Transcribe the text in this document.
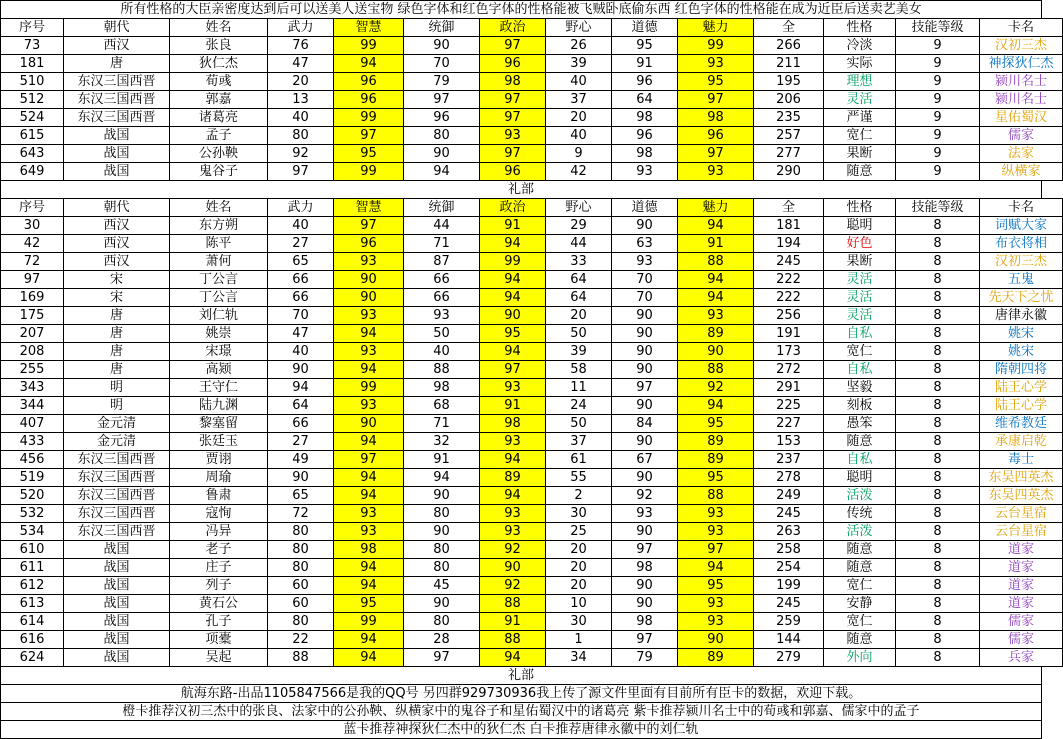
所有性格的大臣亲密度达到后可以送美人送宝物 绿色字体和红色字体的性格能被飞贼卧底偷东西 红色字体的性格能在成为近臣后送卖艺美女
序号	朝代	姓名	武力	智慧	统御	政治	野心	道德	魅力	全	性格	技能等级	卡名
73	西汉	张良	76	99	90	97	26	95	99	266	冷淡	9	汉初三杰
181	唐	狄仁杰	47	94	70	96	39	91	93	211	实际	9	神探狄仁杰
510	东汉三国西晋	荀彧	20	96	79	98	40	96	95	195	理想	9	颍川名士
512	东汉三国西晋	郭嘉	13	96	97	97	37	64	97	206	灵活	9	颍川名士
524	东汉三国西晋	诸葛亮	40	99	96	97	20	98	98	235	严谨	9	星佑蜀汉
615	战国	孟子	80	97	80	93	40	96	96	257	宽仁	9	儒家
643	战国	公孙鞅	92	95	90	97	9	98	97	277	果断	9	法家
649	战国	鬼谷子	97	99	94	96	42	93	93	290	随意	9	纵横家
礼部
序号	朝代	姓名	武力	智慧	统御	政治	野心	道德	魅力	全	性格	技能等级	卡名
30	西汉	东方朔	40	97	44	91	29	90	94	181	聪明	8	词赋大家
42	西汉	陈平	27	96	71	94	44	63	91	194	好色	8	布衣将相
72	西汉	萧何	65	93	87	99	33	93	88	245	果断	8	汉初三杰
97	宋	丁公言	66	90	66	94	64	70	94	222	灵活	8	五鬼
169	宋	丁公言	66	90	66	94	64	70	94	222	灵活	8	先天下之忧
175	唐	刘仁轨	70	93	93	90	20	90	93	256	灵活	8	唐律永徽
207	唐	姚崇	47	94	50	95	50	90	89	191	自私	8	姚宋
208	唐	宋璟	40	93	40	94	39	90	90	173	宽仁	8	姚宋
255	唐	高颎	90	94	88	97	58	90	88	272	自私	8	隋朝四将
343	明	王守仁	94	99	98	93	11	97	92	291	坚毅	8	陆王心学
344	明	陆九渊	64	93	68	91	24	90	94	225	刻板	8	陆王心学
407	金元清	黎塞留	66	90	71	98	50	84	95	227	愚笨	8	维希教廷
433	金元清	张廷玉	27	94	32	93	37	90	89	153	随意	8	承康启乾
456	东汉三国西晋	贾诩	49	97	91	94	61	67	89	237	自私	8	毒士
519	东汉三国西晋	周瑜	90	94	94	89	55	90	95	278	聪明	8	东吴四英杰
520	东汉三国西晋	鲁肃	65	94	90	94	2	92	88	249	活泼	8	东吴四英杰
532	东汉三国西晋	寇恂	72	93	80	93	30	93	93	245	传统	8	云台星宿
534	东汉三国西晋	冯异	80	93	90	93	25	90	93	263	活泼	8	云台星宿
610	战国	老子	80	98	80	92	20	97	97	258	随意	8	道家
611	战国	庄子	80	94	80	90	20	98	94	254	随意	8	道家
612	战国	列子	60	94	45	92	20	90	95	199	宽仁	8	道家
613	战国	黄石公	60	95	90	88	10	90	93	245	安静	8	道家
614	战国	孔子	80	99	80	91	30	98	93	259	宽仁	8	儒家
616	战国	项橐	22	94	28	88	1	97	90	144	随意	8	儒家
624	战国	吴起	88	94	97	94	34	79	89	279	外向	8	兵家
礼部
航海东路-出品1105847566是我的QQ号 另四群929730936我上传了源文件里面有目前所有臣卡的数据，欢迎下载。
橙卡推荐汉初三杰中的张良、法家中的公孙鞅、纵横家中的鬼谷子和星佑蜀汉中的诸葛亮 紫卡推荐颍川名士中的荀彧和郭嘉、儒家中的孟子
蓝卡推荐神探狄仁杰中的狄仁杰 白卡推荐唐律永徽中的刘仁轨
